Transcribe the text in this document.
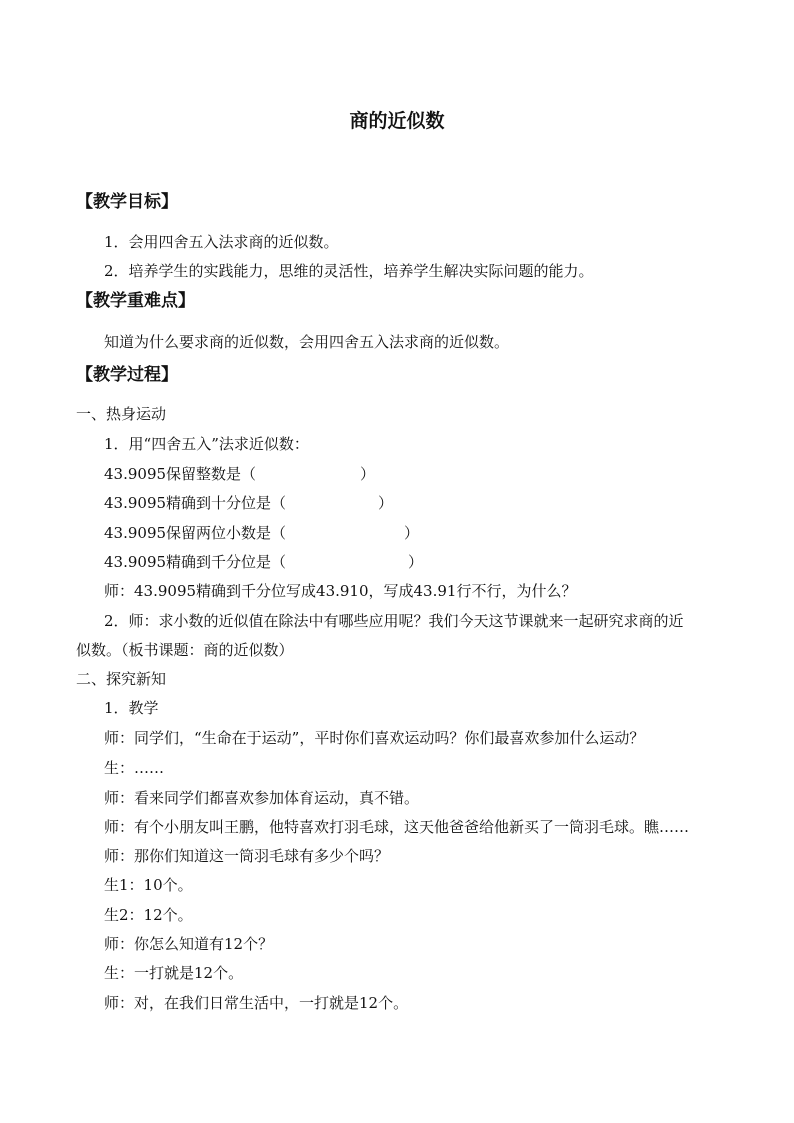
商的近似数
【教学目标】
1．会用四舍五入法求商的近似数。
2．培养学生的实践能力，思维的灵活性，培养学生解决实际问题的能力。
【教学重难点】
知道为什么要求商的近似数，会用四舍五入法求商的近似数。
【教学过程】
一、热身运动
1．用“四舍五入”法求近似数：
43.9095保留整数是（	）
43.9095精确到十分位是（	）
43.9095保留两位小数是（	）
43.9095精确到千分位是（	）
师：43.9095精确到千分位写成43.910，写成43.91行不行，为什么？
2．师：求小数的近似值在除法中有哪些应用呢？我们今天这节课就来一起研究求商的近
似数。（板书课题：商的近似数）
二、探究新知
1．教学
师：同学们，“生命在于运动”，平时你们喜欢运动吗？你们最喜欢参加什么运动？
生：……
师：看来同学们都喜欢参加体育运动，真不错。
师：有个小朋友叫王鹏，他特喜欢打羽毛球，这天他爸爸给他新买了一筒羽毛球。瞧……
师：那你们知道这一筒羽毛球有多少个吗？
生1：10个。
生2：12个。
师：你怎么知道有12个？
生：一打就是12个。
师：对，在我们日常生活中，一打就是12个。
